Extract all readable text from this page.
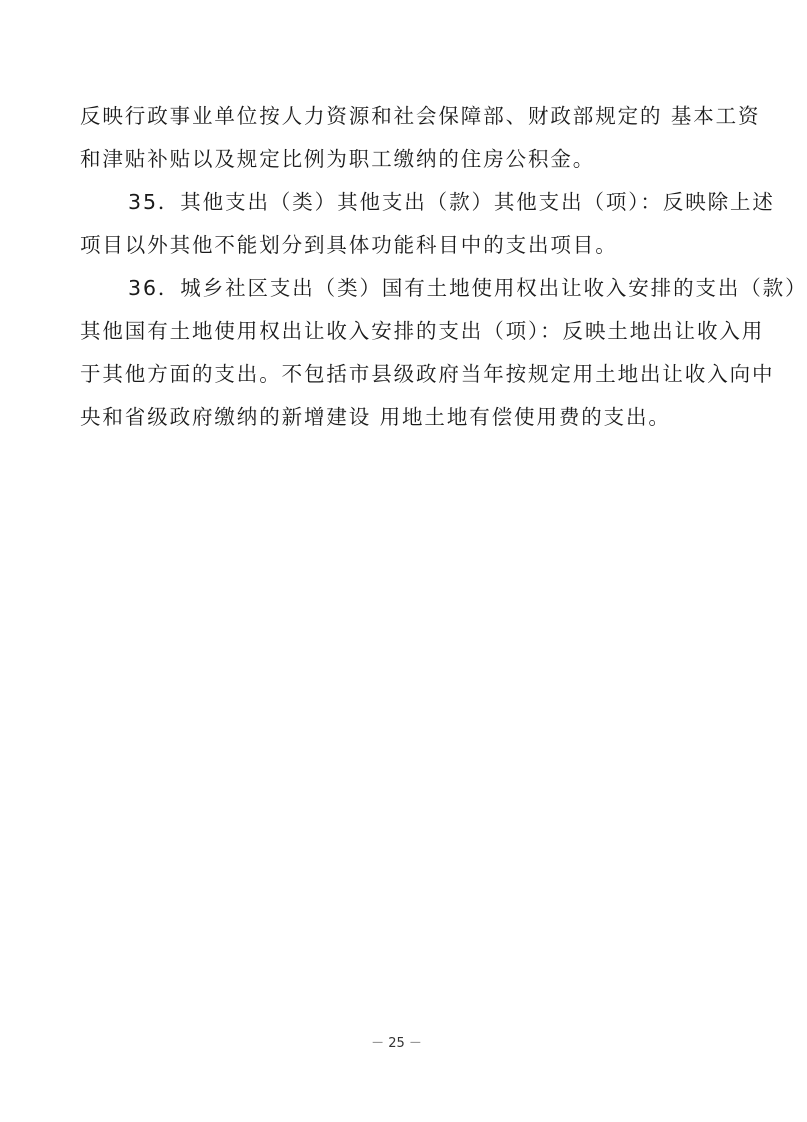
反映行政事业单位按人力资源和社会保障部、财政部规定的 基本工资
和津贴补贴以及规定比例为职工缴纳的住房公积金。
35．其他支出（类）其他支出（款）其他支出（项）：反映除上述
项目以外其他不能划分到具体功能科目中的支出项目。
36．城乡社区支出（类）国有土地使用权出让收入安排的支出（款）
其他国有土地使用权出让收入安排的支出（项）：反映土地出让收入用
于其他方面的支出。不包括市县级政府当年按规定用土地出让收入向中
央和省级政府缴纳的新增建设 用地土地有偿使用费的支出。
－ 25 －
